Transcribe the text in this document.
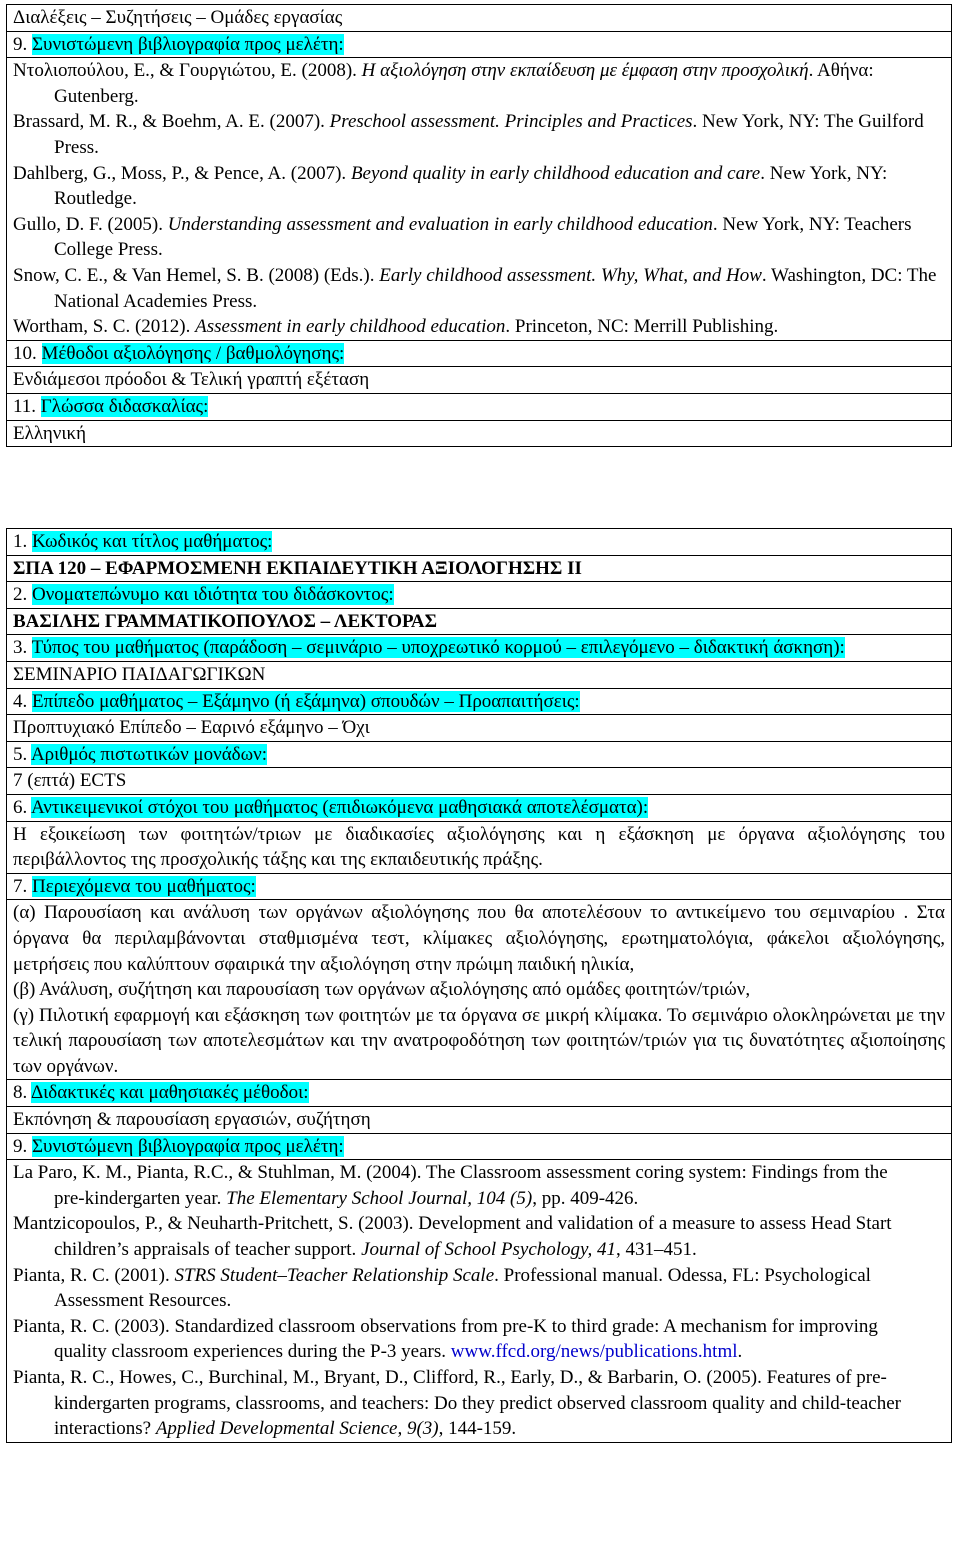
Διαλέξεις – Συζητήσεις – Ομάδες εργασίας
9. Συνιστώμενη βιβλιογραφία προς μελέτη:
Ντολιοπούλου, Ε., & Γουργιώτου, Ε. (2008). Η αξιολόγηση στην εκπαίδευση με έμφαση στην προσχολική. Αθήνα: Gutenberg.
Brassard, M. R., & Boehm, A. E. (2007). Preschool assessment. Principles and Practices. New York, NY: The Guilford Press.
Dahlberg, G., Moss, P., & Pence, A. (2007). Beyond quality in early childhood education and care. New York, NY: Routledge.
Gullo, D. F. (2005). Understanding assessment and evaluation in early childhood education. New York, NY: Teachers College Press.
Snow, C. E., & Van Hemel, S. B. (2008) (Eds.). Early childhood assessment. Why, What, and How. Washington, DC: The National Academies Press.
Wortham, S. C. (2012). Assessment in early childhood education. Princeton, NC: Merrill Publishing.
10. Μέθοδοι αξιολόγησης / βαθμολόγησης:
Ενδιάμεσοι πρόοδοι & Τελική γραπτή εξέταση
11. Γλώσσα διδασκαλίας:
Ελληνική
1. Κωδικός και τίτλος μαθήματος:
ΣΠΑ 120 – ΕΦΑΡΜΟΣΜΕΝΗ ΕΚΠΑΙΔΕΥΤΙΚΗ ΑΞΙΟΛΟΓΗΣΗΣ ΙΙ
2. Ονοματεπώνυμο και ιδιότητα του διδάσκοντος:
ΒΑΣΙΛΗΣ ΓΡΑΜΜΑΤΙΚΟΠΟΥΛΟΣ – ΛΕΚΤΟΡΑΣ
3. Τύπος του μαθήματος (παράδοση – σεμινάριο – υποχρεωτικό κορμού – επιλεγόμενο – διδακτική άσκηση):
ΣΕΜΙΝΑΡΙΟ ΠΑΙΔΑΓΩΓΙΚΩΝ
4. Επίπεδο μαθήματος – Εξάμηνο (ή εξάμηνα) σπουδών – Προαπαιτήσεις:
Προπτυχιακό Επίπεδο – Εαρινό εξάμηνο – Όχι
5. Αριθμός πιστωτικών μονάδων:
7 (επτά) ECTS
6. Αντικειμενικοί στόχοι του μαθήματος (επιδιωκόμενα μαθησιακά αποτελέσματα):
Η εξοικείωση των φοιτητών/τριων με διαδικασίες αξιολόγησης και η εξάσκηση με όργανα αξιολόγησης του περιβάλλοντος της προσχολικής τάξης και της εκπαιδευτικής πράξης.
7. Περιεχόμενα του μαθήματος:
(α) Παρουσίαση και ανάλυση των οργάνων αξιολόγησης που θα αποτελέσουν το αντικείμενο του σεμιναρίου . Στα όργανα θα περιλαμβάνονται σταθμισμένα τεστ, κλίμακες αξιολόγησης, ερωτηματολόγια, φάκελοι αξιολόγησης, μετρήσεις που καλύπτουν σφαιρικά την αξιολόγηση στην πρώιμη παιδική ηλικία,
(β) Ανάλυση, συζήτηση και παρουσίαση των οργάνων αξιολόγησης από ομάδες φοιτητών/τριών,
(γ) Πιλοτική εφαρμογή και εξάσκηση των φοιτητών με τα όργανα σε μικρή κλίμακα. Το σεμινάριο ολοκληρώνεται με την τελική παρουσίαση των αποτελεσμάτων και την ανατροφοδότηση των φοιτητών/τριών για τις δυνατότητες αξιοποίησης των οργάνων.
8. Διδακτικές και μαθησιακές μέθοδοι:
Εκπόνηση & παρουσίαση εργασιών, συζήτηση
9. Συνιστώμενη βιβλιογραφία προς μελέτη:
La Paro, K. M., Pianta, R.C., & Stuhlman, M. (2004). The Classroom assessment coring system: Findings from the pre-kindergarten year. The Elementary School Journal, 104 (5), pp. 409-426.
Mantzicopoulos, P., & Neuharth-Pritchett, S. (2003). Development and validation of a measure to assess Head Start children’s appraisals of teacher support. Journal of School Psychology, 41, 431–451.
Pianta, R. C. (2001). STRS Student–Teacher Relationship Scale. Professional manual. Odessa, FL: Psychological Assessment Resources.
Pianta, R. C. (2003). Standardized classroom observations from pre-K to third grade: A mechanism for improving quality classroom experiences during the P-3 years. www.ffcd.org/news/publications.html.
Pianta, R. C., Howes, C., Burchinal, M., Bryant, D., Clifford, R., Early, D., & Barbarin, O. (2005). Features of pre-kindergarten programs, classrooms, and teachers: Do they predict observed classroom quality and child-teacher interactions? Applied Developmental Science, 9(3), 144-159.
